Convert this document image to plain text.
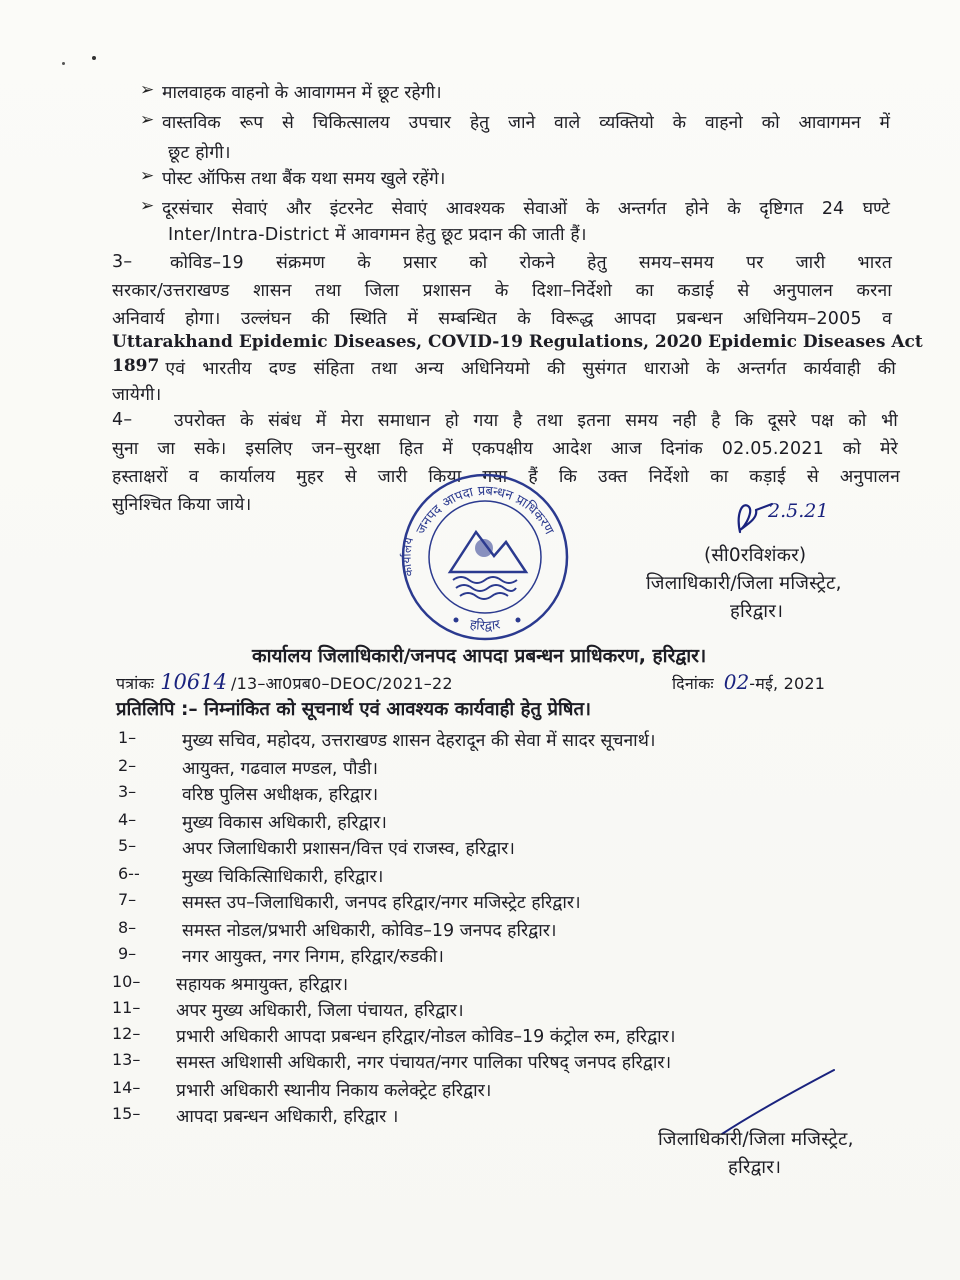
➢ मालवाहक वाहनो के आवागमन में छूट रहेगी।
➢ वास्तविक रूप से चिकित्सालय उपचार हेतु जाने वाले व्यक्तियो के वाहनो को आवागमन में
छूट होगी।
➢ पोस्ट ऑफिस तथा बैंक यथा समय खुले रहेंगे।
➢ दूरसंचार सेवाएं और इंटरनेट सेवाएं आवश्यक सेवाओं के अन्तर्गत होने के दृष्टिगत 24 घण्टे
Inter/Intra-District में आवगमन हेतु छूट प्रदान की जाती हैं।
3– कोविड–19 संक्रमण के प्रसार को रोकने हेतु समय–समय पर जारी भारत
सरकार/उत्तराखण्ड शासन तथा जिला प्रशासन के दिशा–निर्देशो का कडाई से अनुपालन करना
अनिवार्य होगा। उल्लंघन की स्थिति में सम्बन्धित के विरूद्ध आपदा प्रबन्धन अधिनियम–2005 व
Uttarakhand Epidemic Diseases, COVID-19 Regulations, 2020 Epidemic Diseases Act
1897 एवं भारतीय दण्ड संहिता तथा अन्य अधिनियमो की सुसंगत धाराओ के अन्तर्गत कार्यवाही की
जायेगी।
4– उपरोक्त के संबंध में मेरा समाधान हो गया है तथा इतना समय नही है कि दूसरे पक्ष को भी
सुना जा सके। इसलिए जन–सुरक्षा हित में एकपक्षीय आदेश आज दिनांक 02.05.2021 को मेरे
हस्ताक्षरों व कार्यालय मुहर से जारी किया गया हैं कि उक्त निर्देशो का कड़ाई से अनुपालन
सुनिश्चित किया जाये।
जनपद आपदा प्रबन्धन प्राधिकरण
कार्यालय
हरिद्वार
2.5.21
(सी0रविशंकर)
जिलाधिकारी/जिला मजिस्ट्रेट,
हरिद्वार।
कार्यालय जिलाधिकारी/जनपद आपदा प्रबन्धन प्राधिकरण, हरिद्वार।
पत्रांकः 10614 /13–आ0प्रब0–DEOC/2021–22	दिनांकः 02 -मई, 2021
प्रतिलिपि :– निम्नांकित को सूचनार्थ एवं आवश्यक कार्यवाही हेतु प्रेषित।
1–	मुख्य सचिव, महोदय, उत्तराखण्ड शासन देहरादून की सेवा में सादर सूचनार्थ।
2–	आयुक्त, गढवाल मण्डल, पौडी।
3–	वरिष्ठ पुलिस अधीक्षक, हरिद्वार।
4–	मुख्य विकास अधिकारी, हरिद्वार।
5–	अपर जिलाधिकारी प्रशासन/वित्त एवं राजस्व, हरिद्वार।
6--	मुख्य चिकित्सािधिकारी, हरिद्वार।
7–	समस्त उप–जिलाधिकारी, जनपद हरिद्वार/नगर मजिस्ट्रेट हरिद्वार।
8–	समस्त नोडल/प्रभारी अधिकारी, कोविड–19 जनपद हरिद्वार।
9–	नगर आयुक्त, नगर निगम, हरिद्वार/रुडकी।
10–	सहायक श्रमायुक्त, हरिद्वार।
11–	अपर मुख्य अधिकारी, जिला पंचायत, हरिद्वार।
12–	प्रभारी अधिकारी आपदा प्रबन्धन हरिद्वार/नोडल कोविड–19 कंट्रोल रुम, हरिद्वार।
13–	समस्त अधिशासी अधिकारी, नगर पंचायत/नगर पालिका परिषद् जनपद हरिद्वार।
14–	प्रभारी अधिकारी स्थानीय निकाय कलेक्ट्रेट हरिद्वार।
15–	आपदा प्रबन्धन अधिकारी, हरिद्वार ।
जिलाधिकारी/जिला मजिस्ट्रेट,
हरिद्वार।
